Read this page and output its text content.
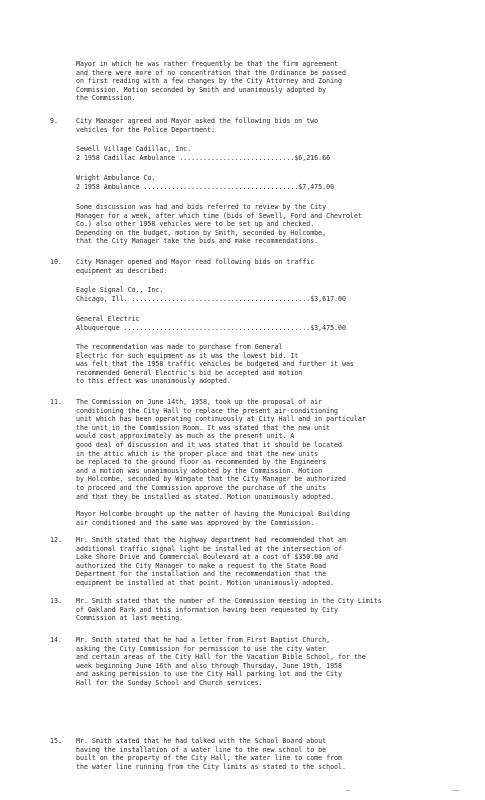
Mayor in which he was rather frequently be that the firm agreement
and there were more of no concentration that the Ordinance be passed
on first reading with a few changes by the City Attorney and Zoning
Commission. Motion seconded by Smith and unanimously adopted by
the Commission.
9.	City Manager agreed and Mayor asked the following bids on two
vehicles for the Police Department:
Sewell Village Cadillac, Inc.
2 1958 Cadillac Ambulance .............................$6,216.66
Wright Ambulance Co.
2 1958 Ambulance .......................................$7,475.00
Some discussion was had and bids referred to review by the City
Manager for a week, after which time (bids of Sewell, Ford and Chevrolet
Co.) also other 1958 vehicles were to be set up and checked.
Depending on the budget, motion by Smith, seconded by Holcombe,
that the City Manager take the bids and make recommendations.
10. City Manager opened and Mayor read following bids on traffic
equipment as described:
Eagle Signal Co., Inc.
Chicago, Ill. .............................................$3,617.00
General Electric
Albuquerque ...............................................$3,475.00
The recommendation was made to purchase from General
Electric for such equipment as it was the lowest bid. It
was felt that the 1958 traffic vehicles be budgeted and further it was
recommended General Electric's bid be accepted and motion
to this effect was unanimously adopted.
11. The Commission on June 14th, 1958, took up the proposal of air
conditioning the City Hall to replace the present air-conditioning
unit which has been operating continuously at City Hall and in particular
the unit in the Commission Room. It was stated that the new unit
would cost approximately as much as the present unit. A
good deal of discussion and it was stated that it should be located
in the attic which is the proper place and that the new units
be replaced to the ground floor as recommended by the Engineers
and a motion was unanimously adopted by the Commission. Motion
by Holcombe, seconded by Wingate that the City Manager be authorized
to proceed and the Commission approve the purchase of the units
and that they be installed as stated. Motion unanimously adopted.
Mayor Holcombe brought up the matter of having the Municipal Building
air conditioned and the same was approved by the Commission.
12. Mr. Smith stated that the highway department had recommended that an
additional traffic signal light be installed at the intersection of
Lake Shore Drive and Commercial Boulevard at a cost of $350.00 and
authorized the City Manager to make a request to the State Road
Department for the installation and the recommendation that the
equipment be installed at that point. Motion unanimously adopted.
13. Mr. Smith stated that the number of the Commission meeting in the City Limits
of Oakland Park and this information having been requested by City
Commission at last meeting.
14. Mr. Smith stated that he had a letter from First Baptist Church,
asking the City Commission for permission to use the city water
and certain areas of the City Hall for the Vacation Bible School, for the
week beginning June 16th and also through Thursday, June 19th, 1958
and asking permission to use the City Hall parking lot and the City
Hall for the Sunday School and Church services.
15. Mr. Smith stated that he had talked with the School Board about
having the installation of a water line to the new school to be
built on the property of the City Hall, the water line to come from
the water line running from the City limits as stated to the school.
—	——
